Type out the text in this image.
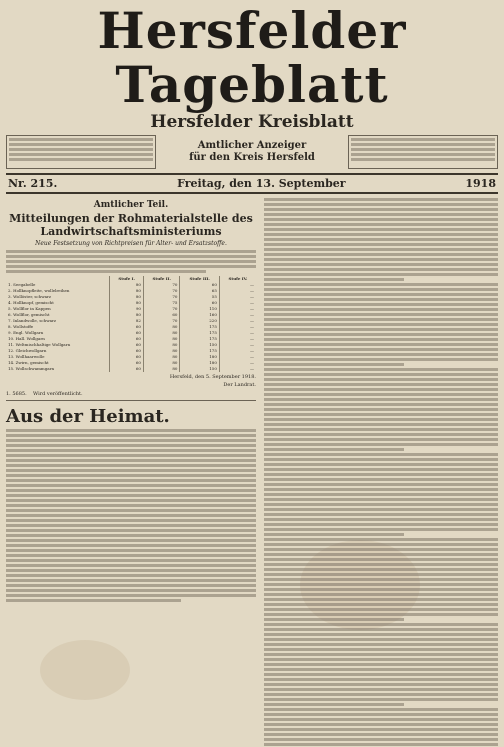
Hersfelder Tageblatt
Hersfelder Kreisblatt
Amtlicher Anzeiger
für den Kreis Hersfeld
Nr. 215.	Freitag, den 13. September	1918
Amtlicher Teil.
Mitteilungen der Rohmaterialstelle des Landwirtschaftsministeriums
Neue Festsetzung von Richtpreisen für Alter- und Ersatzstoffe.
	Stufe I.	Stufe II.	Stufe III.	Stufe IV.
1. Seegabelle	80	70	60	—
2. Hollknopfleite, wollelreihen	80	70	65	—
3. Wollöster, schwarz	80	70	55	—
4. Hollknopf, gemischt	80	75	60	—
5. Wollflor in Kappen	90	70	110	—
6. Wollflor, gemischt	80	60	160	—
7. Inlandwolle, schwarz	82	70	220	—
8. Wollstoffe	60	80	175	—
9. Engl. Wollgarn	60	80	175	—
10. Hall. Wollgarn	60	80	175	—
11. Weltmischhaltige Wollgarn	60	80	150	—
12. Gleichwollgarn	60	80	175	—
13. Wollhaarwolle	60	80	180	—
14. Zwirn, gemischt	60	80	180	—
15. Wollschwammgarn	60	80	150	—
Hersfeld, den 5. September 1918.
Der Landrat.
1. 5685. Wird veröffentlicht.
Aus der Heimat.
